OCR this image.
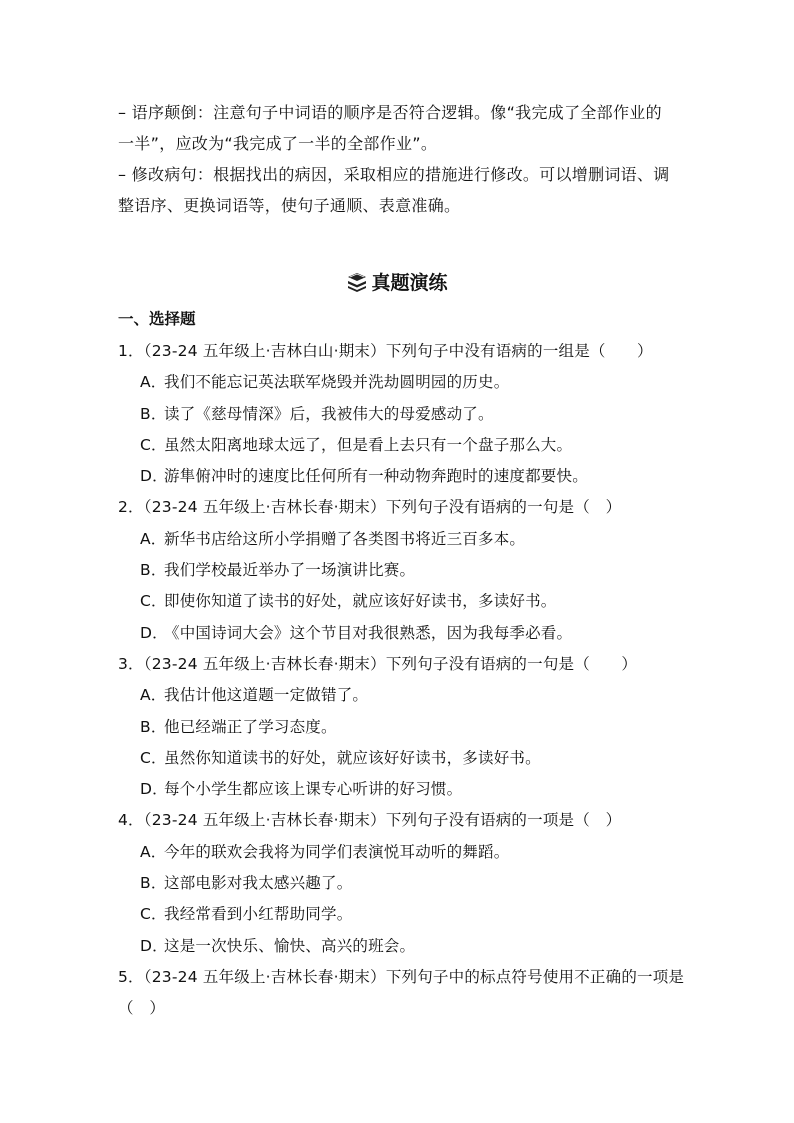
– 语序颠倒：注意句子中词语的顺序是否符合逻辑。像“我完成了全部作业的一半”，应改为“我完成了一半的全部作业”。

– 修改病句：根据找出的病因，采取相应的措施进行修改。可以增删词语、调整语序、更换词语等，使句子通顺、表意准确。

真题演练
一、选择题
1．（23-24 五年级上·吉林白山·期末）下列句子中没有语病的一组是（　　）
A．我们不能忘记英法联军烧毁并洗劫圆明园的历史。
B．读了《慈母情深》后，我被伟大的母爱感动了。
C．虽然太阳离地球太远了，但是看上去只有一个盘子那么大。
D．游隼俯冲时的速度比任何所有一种动物奔跑时的速度都要快。
2．（23-24 五年级上·吉林长春·期末）下列句子没有语病的一句是（　）
A．新华书店给这所小学捐赠了各类图书将近三百多本。
B．我们学校最近举办了一场演讲比赛。
C．即使你知道了读书的好处，就应该好好读书，多读好书。
D．《中国诗词大会》这个节目对我很熟悉，因为我每季必看。
3．（23-24 五年级上·吉林长春·期末）下列句子没有语病的一句是（　　）
A．我估计他这道题一定做错了。
B．他已经端正了学习态度。
C．虽然你知道读书的好处，就应该好好读书，多读好书。
D．每个小学生都应该上课专心听讲的好习惯。
4．（23-24 五年级上·吉林长春·期末）下列句子没有语病的一项是（　）
A．今年的联欢会我将为同学们表演悦耳动听的舞蹈。
B．这部电影对我太感兴趣了。
C．我经常看到小红帮助同学。
D．这是一次快乐、愉快、高兴的班会。
5．（23-24 五年级上·吉林长春·期末）下列句子中的标点符号使用不正确的一项是（　）
